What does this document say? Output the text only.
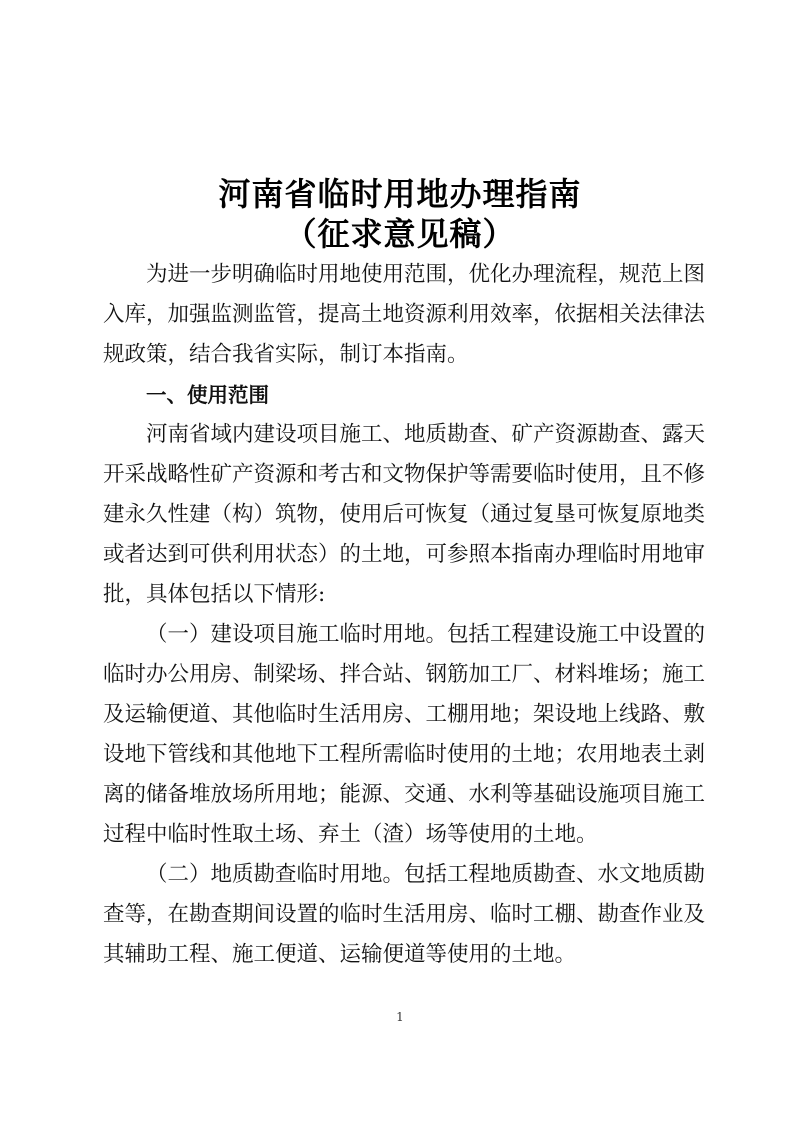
河南省临时用地办理指南
（征求意见稿）
为进一步明确临时用地使用范围，优化办理流程，规范上图
入库，加强监测监管，提高土地资源利用效率，依据相关法律法
规政策，结合我省实际，制订本指南。
一、使用范围
河南省域内建设项目施工、地质勘查、矿产资源勘查、露天
开采战略性矿产资源和考古和文物保护等需要临时使用，且不修
建永久性建（构）筑物，使用后可恢复（通过复垦可恢复原地类
或者达到可供利用状态）的土地，可参照本指南办理临时用地审
批，具体包括以下情形:
（一）建设项目施工临时用地。包括工程建设施工中设置的
临时办公用房、制梁场、拌合站、钢筋加工厂、材料堆场；施工
及运输便道、其他临时生活用房、工棚用地；架设地上线路、敷
设地下管线和其他地下工程所需临时使用的土地；农用地表土剥
离的储备堆放场所用地；能源、交通、水利等基础设施项目施工
过程中临时性取土场、弃土（渣）场等使用的土地。
（二）地质勘查临时用地。包括工程地质勘查、水文地质勘
查等，在勘查期间设置的临时生活用房、临时工棚、勘查作业及
其辅助工程、施工便道、运输便道等使用的土地。
1
